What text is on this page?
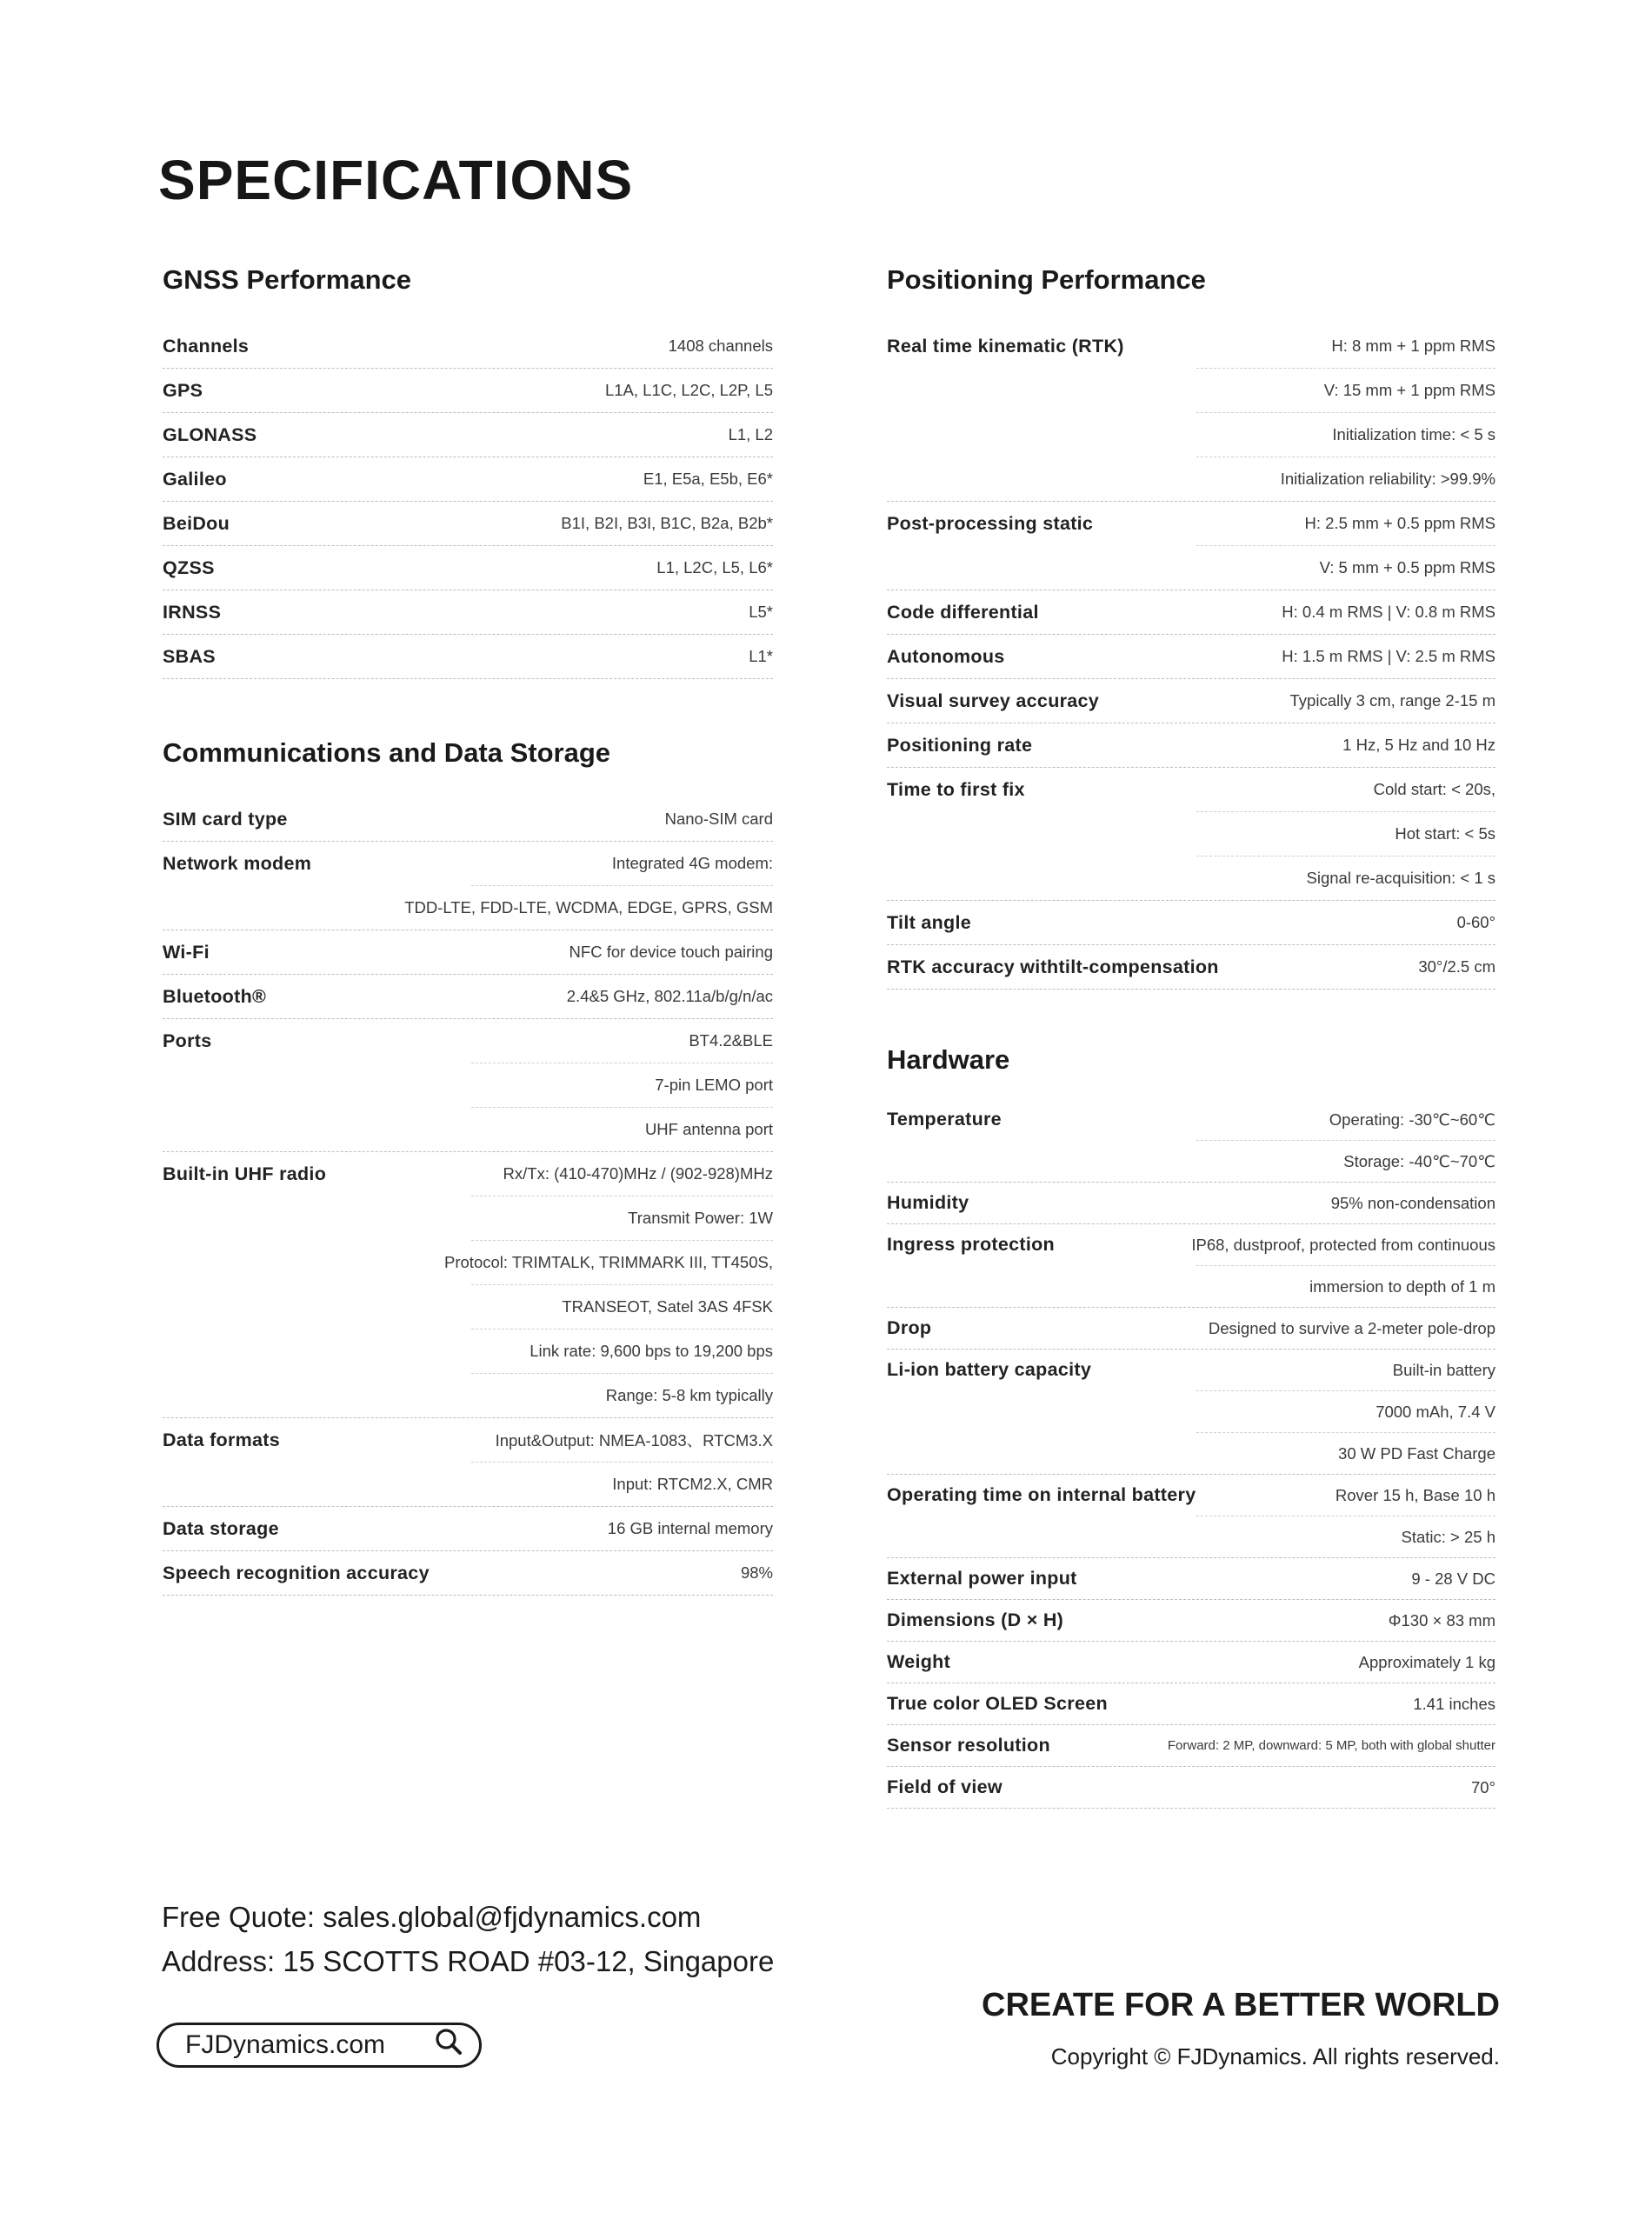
SPECIFICATIONS
GNSS Performance
Channels	1408 channels
GPS	L1A, L1C, L2C, L2P, L5
GLONASS	L1, L2
Galileo	E1, E5a, E5b, E6*
BeiDou	B1I, B2I, B3I, B1C, B2a, B2b*
QZSS	L1, L2C, L5, L6*
IRNSS	L5*
SBAS	L1*
Communications and Data Storage
SIM card type	Nano-SIM card
Network modem	Integrated 4G modem:
TDD-LTE, FDD-LTE, WCDMA, EDGE, GPRS, GSM
Wi-Fi	NFC for device touch pairing
Bluetooth®	2.4&5 GHz, 802.11a/b/g/n/ac
Ports	BT4.2&BLE
7-pin LEMO port
UHF antenna port
Built-in UHF radio	Rx/Tx: (410-470)MHz / (902-928)MHz
Transmit Power: 1W
Protocol: TRIMTALK, TRIMMARK III, TT450S,
TRANSEOT, Satel 3AS 4FSK
Link rate: 9,600 bps to 19,200 bps
Range: 5-8 km typically
Data formats	Input&Output: NMEA-1083、RTCM3.X
Input: RTCM2.X, CMR
Data storage	16 GB internal memory
Speech recognition accuracy	98%
Positioning Performance
Real time kinematic (RTK)	H: 8 mm + 1 ppm RMS
V: 15 mm + 1 ppm RMS
Initialization time: < 5 s
Initialization reliability: >99.9%
Post-processing static	H: 2.5 mm + 0.5 ppm RMS
V: 5 mm + 0.5 ppm RMS
Code differential	H: 0.4 m RMS | V: 0.8 m RMS
Autonomous	H: 1.5 m RMS | V: 2.5 m RMS
Visual survey accuracy	Typically 3 cm, range 2-15 m
Positioning rate	1 Hz, 5 Hz and 10 Hz
Time to first fix	Cold start: < 20s,
Hot start: < 5s
Signal re-acquisition: < 1 s
Tilt angle	0-60°
RTK accuracy withtilt-compensation	30°/2.5 cm
Hardware
Temperature	Operating: -30℃~60℃
Storage: -40℃~70℃
Humidity	95% non-condensation
Ingress protection	IP68, dustproof, protected from continuous
immersion to depth of 1 m
Drop	Designed to survive a 2-meter pole-drop
Li-ion battery capacity	Built-in battery
7000 mAh, 7.4 V
30 W PD Fast Charge
Operating time on internal battery	Rover 15 h, Base 10 h
Static: > 25 h
External power input	9 - 28 V DC
Dimensions (D × H)	Φ130 × 83 mm
Weight	Approximately 1 kg
True color OLED Screen	1.41 inches
Sensor resolution	Forward: 2 MP, downward: 5 MP, both with global shutter
Field of view	70°
Free Quote: sales.global@fjdynamics.com
Address: 15 SCOTTS ROAD #03-12, Singapore
FJDynamics.com
CREATE FOR A BETTER WORLD
Copyright © FJDynamics. All rights reserved.
